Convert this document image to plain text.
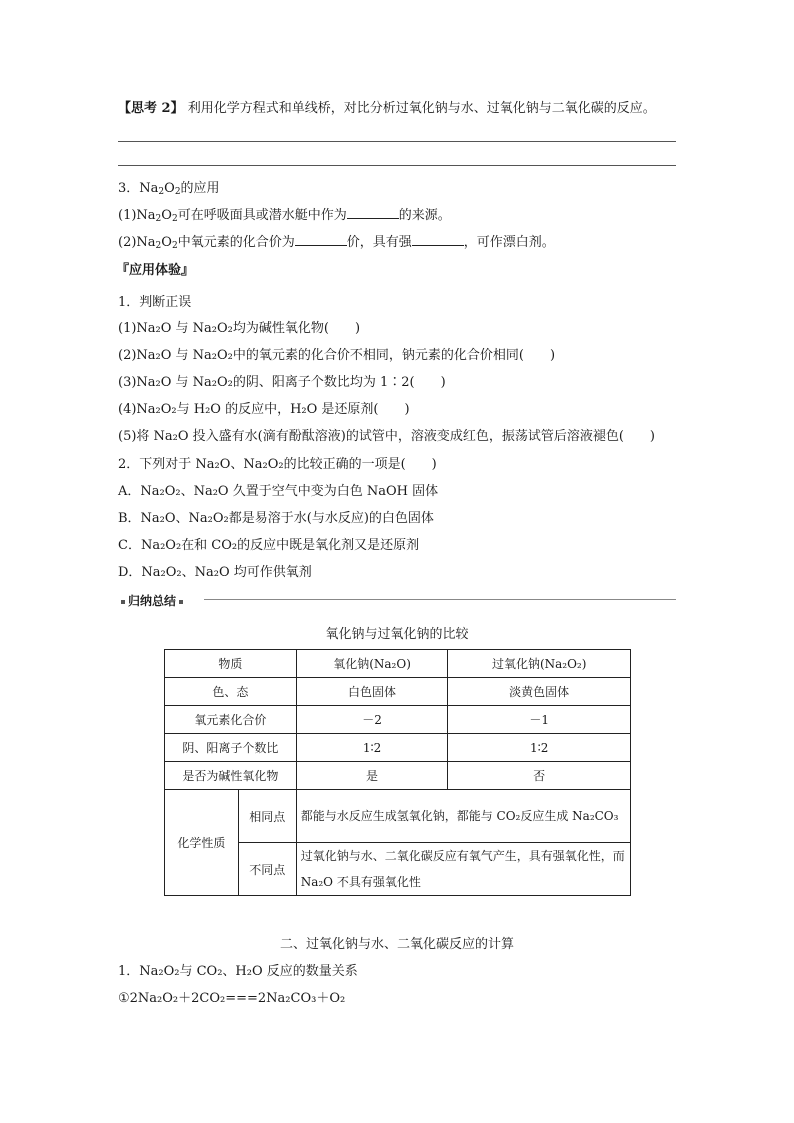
【思考 2】 利用化学方程式和单线桥，对比分析过氧化钠与水、过氧化钠与二氧化碳的反应。
3．$Na_2O_2$的应用
$(1)Na_2O_2$可在呼吸面具或潜水艇中作为	的来源。
$(2)Na_2O_2$中氧元素的化合价为	价，具有强	，可作漂白剂。
『应用体验』
1．判断正误
(1)Na₂O 与 Na₂O₂均为碱性氧化物(　　)
(2)Na₂O 与 Na₂O₂中的氧元素的化合价不相同，钠元素的化合价相同(　　)
(3)Na₂O 与 Na₂O₂的阴、阳离子个数比均为 1∶2(　　)
(4)Na₂O₂与 H₂O 的反应中，H₂O 是还原剂(　　)
(5)将 Na₂O 投入盛有水(滴有酚酞溶液)的试管中，溶液变成红色，振荡试管后溶液褪色(　　)
2．下列对于 Na₂O、Na₂O₂的比较正确的一项是(　　)
A．Na₂O₂、Na₂O 久置于空气中变为白色 NaOH 固体
B．Na₂O、Na₂O₂都是易溶于水(与水反应)的白色固体
C．Na₂O₂在和 CO₂的反应中既是氧化剂又是还原剂
D．Na₂O₂、Na₂O 均可作供氧剂
归纳总结
氧化钠与过氧化钠的比较
物质		氧化钠(Na₂O)	过氧化钠(Na₂O₂)
色、态		白色固体	淡黄色固体
氧元素化合价		－2	－1
阴、阳离子个数比		1∶2	1∶2
是否为碱性氧化物		是	否
化学性质	相同点	都能与水反应生成氢氧化钠，都能与 CO₂反应生成 Na₂CO₃	
	不同点	过氧化钠与水、二氧化碳反应有氧气产生，具有强氧化性，而 Na₂O 不具有强氧化性	
二、过氧化钠与水、二氧化碳反应的计算
1．Na₂O₂与 CO₂、H₂O 反应的数量关系
①2Na₂O₂＋2CO₂===2Na₂CO₃＋O₂
